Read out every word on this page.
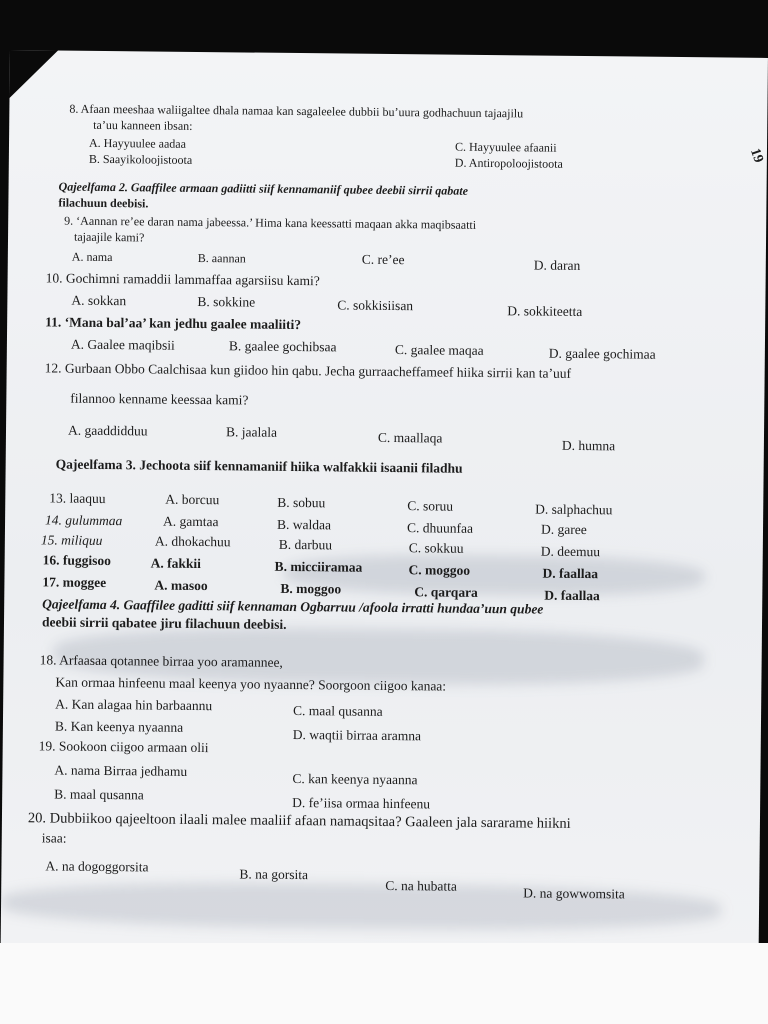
19
8. Afaan meeshaa waliigaltee dhala namaa kan sagaleelee dubbii bu’uura godhachuun tajaajilu
ta’uu kanneen ibsan:
A. Hayyuulee aadaa	C. Hayyuulee afaanii
B. Saayikoloojistoota	D. Antiropoloojistoota
Qajeelfama 2. Gaaffilee armaan gadiitti siif kennamaniif qubee deebii sirrii qabate
filachuun deebisi.
9. ‘Aannan re’ee daran nama jabeessa.’ Hima kana keessatti maqaan akka maqibsaatti
tajaajile kami?
A. nama	B. aannan	C. re’ee	D. daran
10. Gochimni ramaddii lammaffaa agarsiisu kami?
A. sokkan	B. sokkine	C. sokkisiisan	D. sokkiteetta
11. ‘Mana bal’aa’ kan jedhu gaalee maaliiti?
A. Gaalee maqibsii	B. gaalee gochibsaa	C. gaalee maqaa	D. gaalee gochimaa
12. Gurbaan Obbo Caalchisaa kun giidoo hin qabu. Jecha gurraacheffameef hiika sirrii kan ta’uuf
filannoo kenname keessaa kami?
A. gaaddidduu	B. jaalala	C. maallaqa
D. humna
Qajeelfama 3. Jechoota siif kennamaniif hiika walfakkii isaanii filadhu
13. laaquu	A. borcuu	B. sobuu	C. soruu	D. salphachuu
14. gulummaa	A. gamtaa	B. waldaa	C. dhuunfaa	D. garee
15. miliquu	A. dhokachuu	B. darbuu	C. sokkuu	D. deemuu
16. fuggisoo	A. fakkii	B. micciiramaa	C. moggoo	D. faallaa
17. moggee	A. masoo	B. moggoo	C. qarqara	D. faallaa
Qajeelfama 4. Gaaffilee gaditti siif kennaman Ogbarruu /afoola irratti hundaa’uun qubee
deebii sirrii qabatee jiru filachuun deebisi.
18. Arfaasaa qotannee birraa yoo aramannee,
Kan ormaa hinfeenu maal keenya yoo nyaanne? Soorgoon ciigoo kanaa:
A. Kan alagaa hin barbaannu	C. maal qusanna
B. Kan keenya nyaanna
D. waqtii birraa aramna
19. Sookoon ciigoo armaan olii
A. nama Birraa jedhamu
C. kan keenya nyaanna
B. maal qusanna
D. fe’iisa ormaa hinfeenu
20. Dubbiikoo qajeeltoon ilaali malee maaliif afaan namaqsitaa? Gaaleen jala sararame hiikni
isaa:
A. na dogoggorsita	B. na gorsita
C. na hubatta	D. na gowwomsita
